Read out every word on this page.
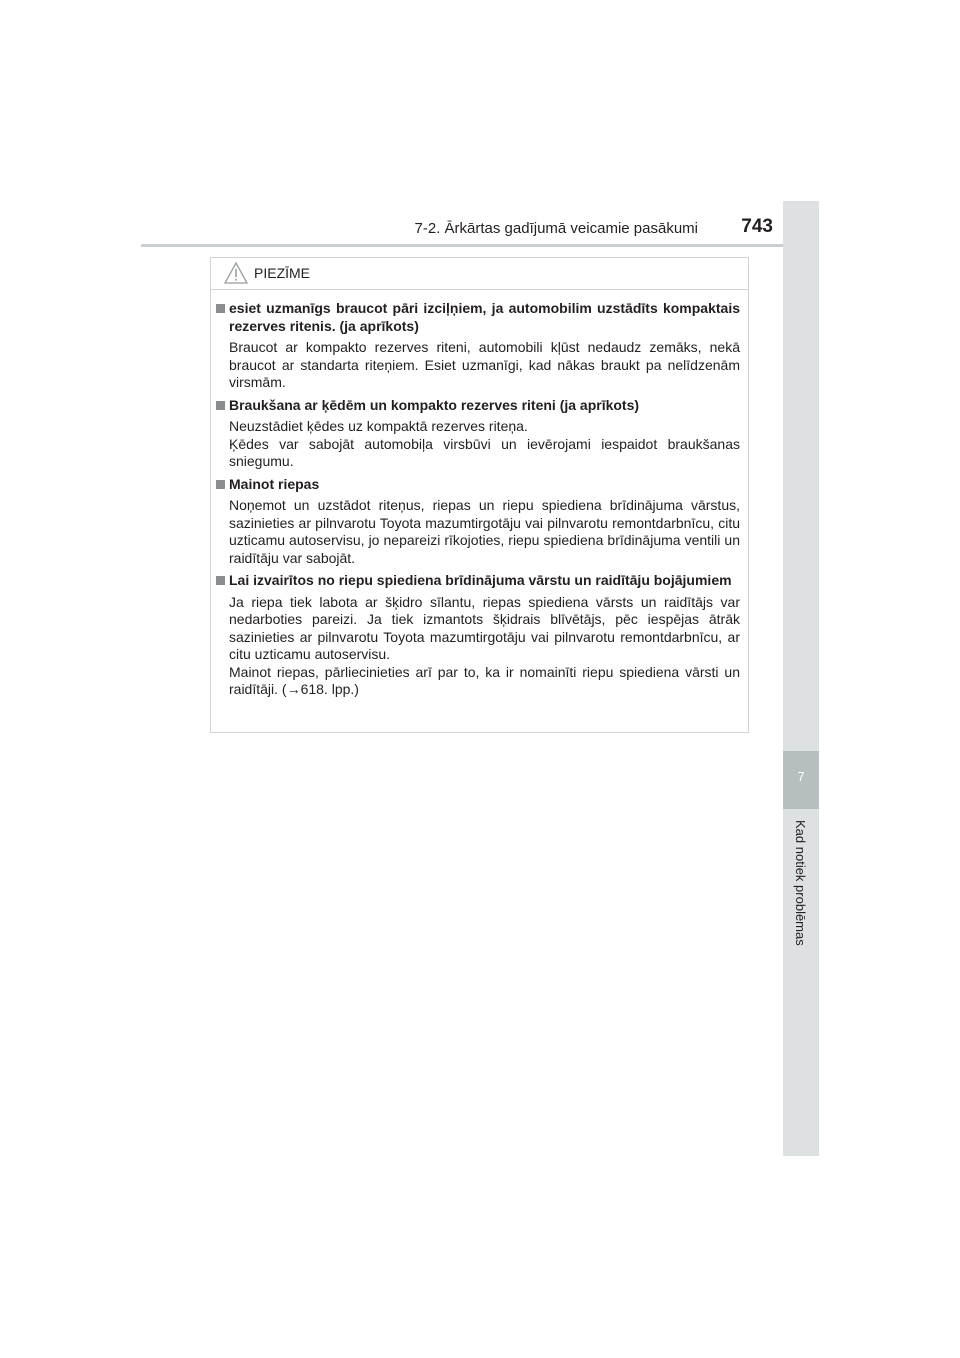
7-2. Ārkārtas gadījumā veicamie pasākumi 743
7
Kad notiek problēmas
PIEZĪME
esiet uzmanīgs braucot pāri izciļņiem, ja automobilim uzstādīts kompaktais rezerves ritenis. (ja aprīkots)

Braucot ar kompakto rezerves riteni, automobili kļūst nedaudz zemāks, nekā braucot ar standarta riteņiem. Esiet uzmanīgi, kad nākas braukt pa nelīdzenām virsmām.

Braukšana ar ķēdēm un kompakto rezerves riteni (ja aprīkots)

Neuzstādiet ķēdes uz kompaktā rezerves riteņa.

Ķēdes var sabojāt automobiļa virsbūvi un ievērojami iespaidot braukšanas sniegumu.

Mainot riepas

Noņemot un uzstādot riteņus, riepas un riepu spiediena brīdinājuma vārstus, sazinieties ar pilnvarotu Toyota mazumtirgotāju vai pilnvarotu remontdarbnīcu, citu uzticamu autoservisu, jo nepareizi rīkojoties, riepu spiediena brīdinājuma ventili un raidītāju var sabojāt.

Lai izvairītos no riepu spiediena brīdinājuma vārstu un raidītāju bojājumiem

Ja riepa tiek labota ar šķidro sīlantu, riepas spiediena vārsts un raidītājs var nedarboties pareizi. Ja tiek izmantots šķidrais blīvētājs, pēc iespējas ātrāk sazinieties ar pilnvarotu Toyota mazumtirgotāju vai pilnvarotu remontdarbnīcu, ar citu uzticamu autoservisu.

Mainot riepas, pārliecinieties arī par to, ka ir nomainīti riepu spiediena vārsti un raidītāji. (→618. lpp.)
